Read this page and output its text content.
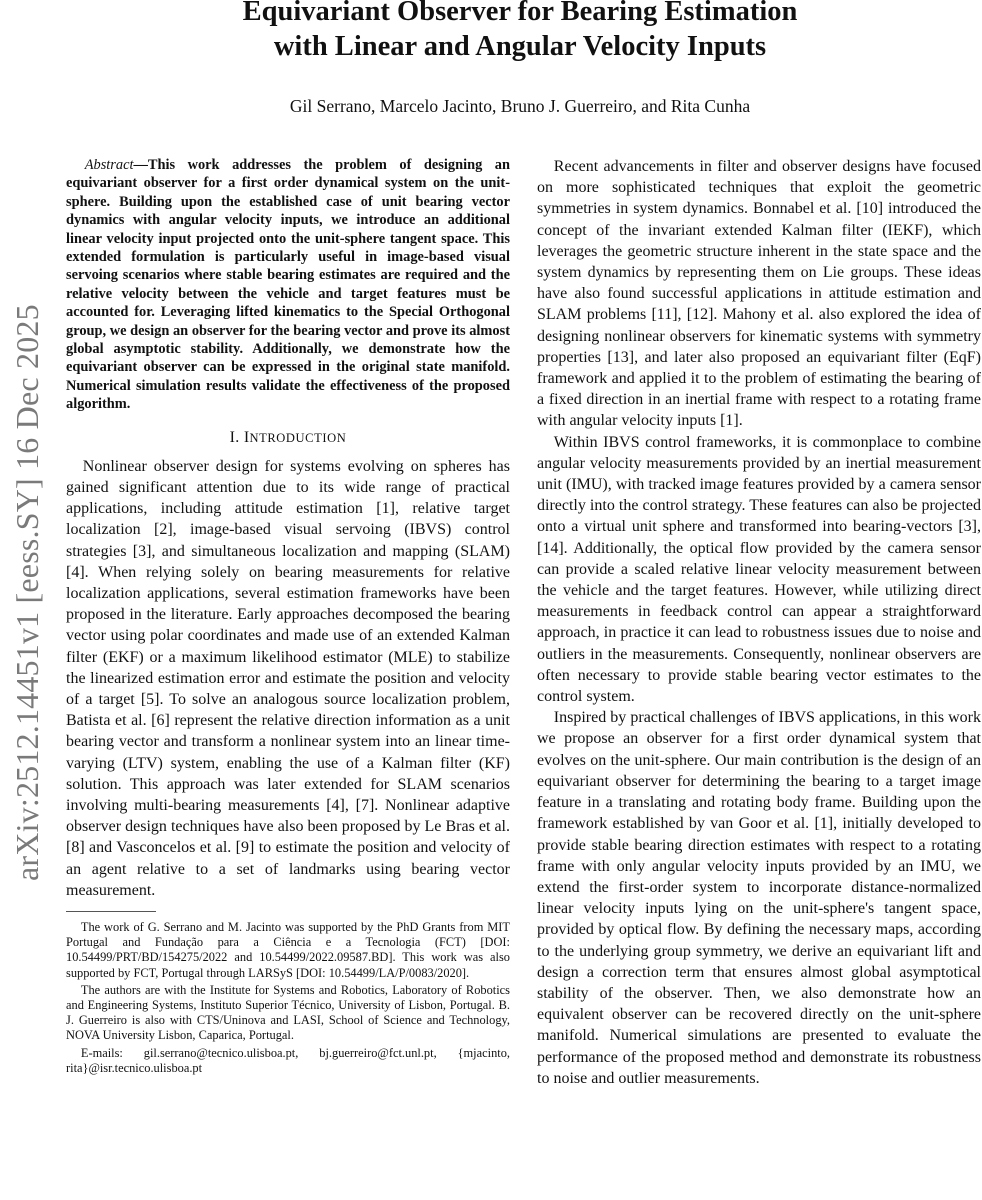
arXiv:2512.14451v1 [eess.SY] 16 Dec 2025
Equivariant Observer for Bearing Estimation
with Linear and Angular Velocity Inputs
Gil Serrano, Marcelo Jacinto, Bruno J. Guerreiro, and Rita Cunha

Abstract—This work addresses the problem of designing an equivariant observer for a first order dynamical system on the unit-sphere. Building upon the established case of unit bearing vector dynamics with angular velocity inputs, we introduce an additional linear velocity input projected onto the unit-sphere tangent space. This extended formulation is particularly useful in image-based visual servoing scenarios where stable bearing estimates are required and the relative velocity between the vehicle and target features must be accounted for. Leveraging lifted kinematics to the Special Orthogonal group, we design an observer for the bearing vector and prove its almost global asymptotic stability. Additionally, we demonstrate how the equivariant observer can be expressed in the original state manifold. Numerical simulation results validate the effectiveness of the proposed algorithm.

I. INTRODUCTION

Nonlinear observer design for systems evolving on spheres has gained significant attention due to its wide range of practical applications, including attitude estimation [1], relative target localization [2], image-based visual servoing (IBVS) control strategies [3], and simultaneous localization and mapping (SLAM) [4]. When relying solely on bearing measurements for relative localization applications, several estimation frameworks have been proposed in the literature. Early approaches decomposed the bearing vector using polar coordinates and made use of an extended Kalman filter (EKF) or a maximum likelihood estimator (MLE) to stabilize the linearized estimation error and estimate the position and velocity of a target [5]. To solve an analogous source localization problem, Batista et al. [6] represent the relative direction information as a unit bearing vector and transform a nonlinear system into an linear time-varying (LTV) system, enabling the use of a Kalman filter (KF) solution. This approach was later extended for SLAM scenarios involving multi-bearing measurements [4], [7]. Nonlinear adaptive observer design techniques have also been proposed by Le Bras et al. [8] and Vasconcelos et al. [9] to estimate the position and velocity of an agent relative to a set of landmarks using bearing vector measurement.

The work of G. Serrano and M. Jacinto was supported by the PhD Grants from MIT Portugal and Fundação para a Ciência e a Tecnologia (FCT) [DOI: 10.54499/PRT/BD/154275/2022 and 10.54499/2022.09587.BD]. This work was also supported by FCT, Portugal through LARSyS [DOI: 10.54499/LA/P/0083/2020].

The authors are with the Institute for Systems and Robotics, Laboratory of Robotics and Engineering Systems, Instituto Superior Técnico, University of Lisbon, Portugal. B. J. Guerreiro is also with CTS/Uninova and LASI, School of Science and Technology, NOVA University Lisbon, Caparica, Portugal.

E-mails: gil.serrano@tecnico.ulisboa.pt, bj.guerreiro@fct.unl.pt, {mjacinto, rita}@isr.tecnico.ulisboa.pt

Recent advancements in filter and observer designs have focused on more sophisticated techniques that exploit the geometric symmetries in system dynamics. Bonnabel et al. [10] introduced the concept of the invariant extended Kalman filter (IEKF), which leverages the geometric structure inherent in the state space and the system dynamics by representing them on Lie groups. These ideas have also found successful applications in attitude estimation and SLAM problems [11], [12]. Mahony et al. also explored the idea of designing nonlinear observers for kinematic systems with symmetry properties [13], and later also proposed an equivariant filter (EqF) framework and applied it to the problem of estimating the bearing of a fixed direction in an inertial frame with respect to a rotating frame with angular velocity inputs [1].

Within IBVS control frameworks, it is commonplace to combine angular velocity measurements provided by an inertial measurement unit (IMU), with tracked image features provided by a camera sensor directly into the control strategy. These features can also be projected onto a virtual unit sphere and transformed into bearing-vectors [3], [14]. Additionally, the optical flow provided by the camera sensor can provide a scaled relative linear velocity measurement between the vehicle and the target features. However, while utilizing direct measurements in feedback control can appear a straightforward approach, in practice it can lead to robustness issues due to noise and outliers in the measurements. Consequently, nonlinear observers are often necessary to provide stable bearing vector estimates to the control system.

Inspired by practical challenges of IBVS applications, in this work we propose an observer for a first order dynamical system that evolves on the unit-sphere. Our main contribution is the design of an equivariant observer for determining the bearing to a target image feature in a translating and rotating body frame. Building upon the framework established by van Goor et al. [1], initially developed to provide stable bearing direction estimates with respect to a rotating frame with only angular velocity inputs provided by an IMU, we extend the first-order system to incorporate distance-normalized linear velocity inputs lying on the unit-sphere's tangent space, provided by optical flow. By defining the necessary maps, according to the underlying group symmetry, we derive an equivariant lift and design a correction term that ensures almost global asymptotical stability of the observer. Then, we also demonstrate how an equivalent observer can be recovered directly on the unit-sphere manifold. Numerical simulations are presented to evaluate the performance of the proposed method and demonstrate its robustness to noise and outlier measurements.
